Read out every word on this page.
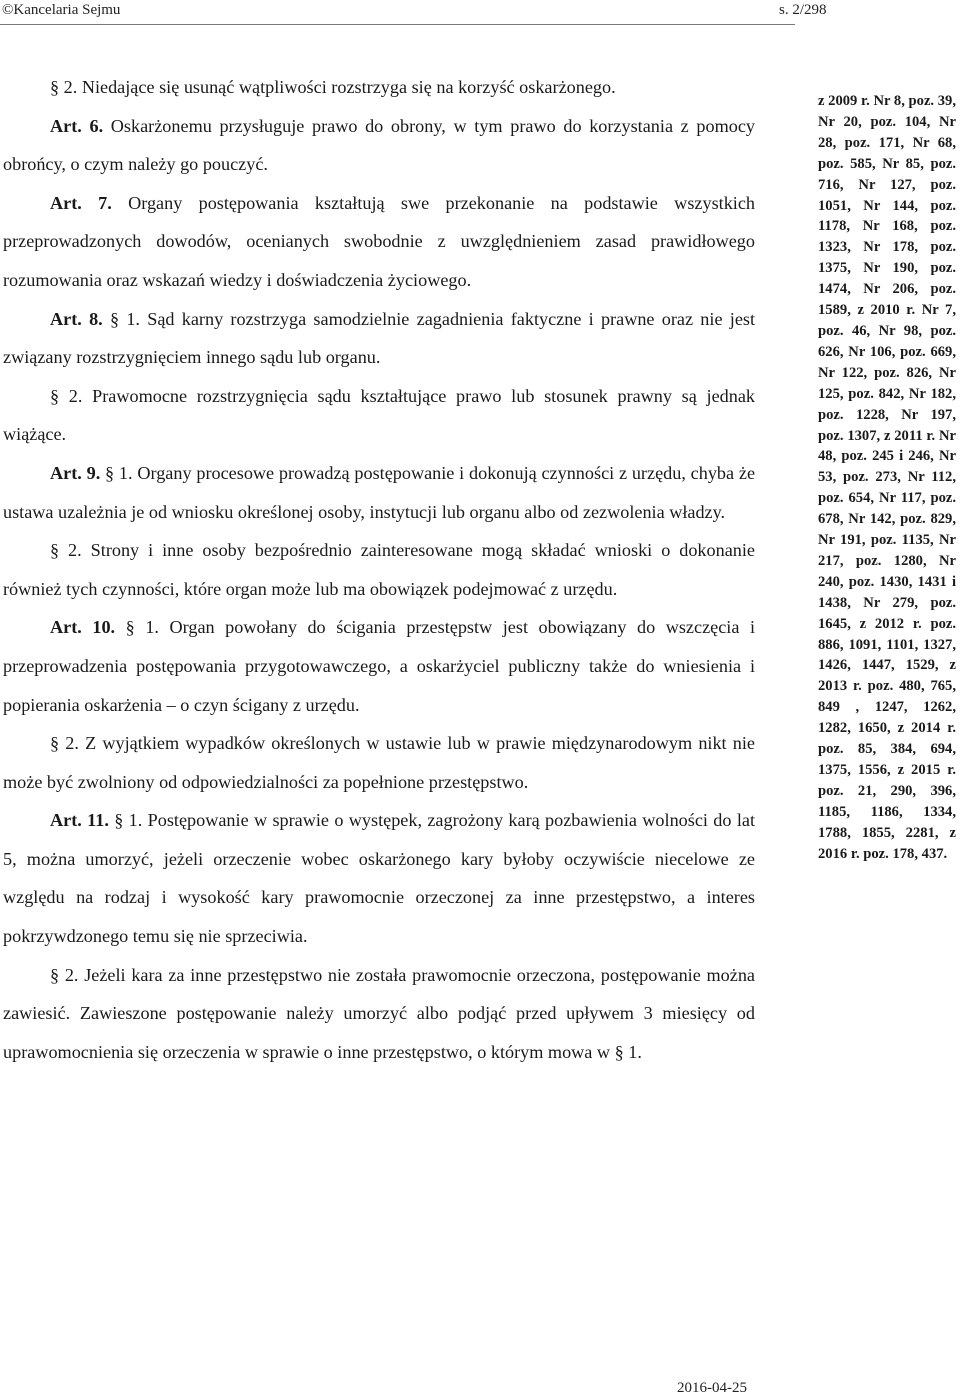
©Kancelaria Sejmu	s. 2/298

§ 2. Niedające się usunąć wątpliwości rozstrzyga się na korzyść oskarżonego.

Art. 6. Oskarżonemu przysługuje prawo do obrony, w tym prawo do korzystania z pomocy obrońcy, o czym należy go pouczyć.

Art. 7. Organy postępowania kształtują swe przekonanie na podstawie wszystkich przeprowadzonych dowodów, ocenianych swobodnie z uwzględnieniem zasad prawidłowego rozumowania oraz wskazań wiedzy i doświadczenia życiowego.

Art. 8. § 1. Sąd karny rozstrzyga samodzielnie zagadnienia faktyczne i prawne oraz nie jest związany rozstrzygnięciem innego sądu lub organu.

§ 2. Prawomocne rozstrzygnięcia sądu kształtujące prawo lub stosunek prawny są jednak wiążące.

Art. 9. § 1. Organy procesowe prowadzą postępowanie i dokonują czynności z urzędu, chyba że ustawa uzależnia je od wniosku określonej osoby, instytucji lub organu albo od zezwolenia władzy.

§ 2. Strony i inne osoby bezpośrednio zainteresowane mogą składać wnioski o dokonanie również tych czynności, które organ może lub ma obowiązek podejmować z urzędu.

Art. 10. § 1. Organ powołany do ścigania przestępstw jest obowiązany do wszczęcia i przeprowadzenia postępowania przygotowawczego, a oskarżyciel publiczny także do wniesienia i popierania oskarżenia – o czyn ścigany z urzędu.

§ 2. Z wyjątkiem wypadków określonych w ustawie lub w prawie międzynarodowym nikt nie może być zwolniony od odpowiedzialności za popełnione przestępstwo.

Art. 11. § 1. Postępowanie w sprawie o występek, zagrożony karą pozbawienia wolności do lat 5, można umorzyć, jeżeli orzeczenie wobec oskarżonego kary byłoby oczywiście niecelowe ze względu na rodzaj i wysokość kary prawomocnie orzeczonej za inne przestępstwo, a interes pokrzywdzonego temu się nie sprzeciwia.

§ 2. Jeżeli kara za inne przestępstwo nie została prawomocnie orzeczona, postępowanie można zawiesić. Zawieszone postępowanie należy umorzyć albo podjąć przed upływem 3 miesięcy od uprawomocnienia się orzeczenia w sprawie o inne przestępstwo, o którym mowa w § 1.

z 2009 r. Nr 8, poz. 39, Nr 20, poz. 104, Nr 28, poz. 171, Nr 68, poz. 585, Nr 85, poz. 716, Nr 127, poz. 1051, Nr 144, poz. 1178, Nr 168, poz. 1323, Nr 178, poz. 1375, Nr 190, poz. 1474, Nr 206, poz. 1589, z 2010 r. Nr 7, poz. 46, Nr 98, poz. 626, Nr 106, poz. 669, Nr 122, poz. 826, Nr 125, poz. 842, Nr 182, poz. 1228, Nr 197, poz. 1307, z 2011 r. Nr 48, poz. 245 i 246, Nr 53, poz. 273, Nr 112, poz. 654, Nr 117, poz. 678, Nr 142, poz. 829, Nr 191, poz. 1135, Nr 217, poz. 1280, Nr 240, poz. 1430, 1431 i 1438, Nr 279, poz. 1645, z 2012 r. poz. 886, 1091, 1101, 1327, 1426, 1447, 1529, z 2013 r. poz. 480, 765, 849 , 1247, 1262, 1282, 1650, z 2014 r. poz. 85, 384, 694, 1375, 1556, z 2015 r. poz. 21, 290, 396, 1185, 1186, 1334, 1788, 1855, 2281, z 2016 r. poz. 178, 437.
2016-04-25
